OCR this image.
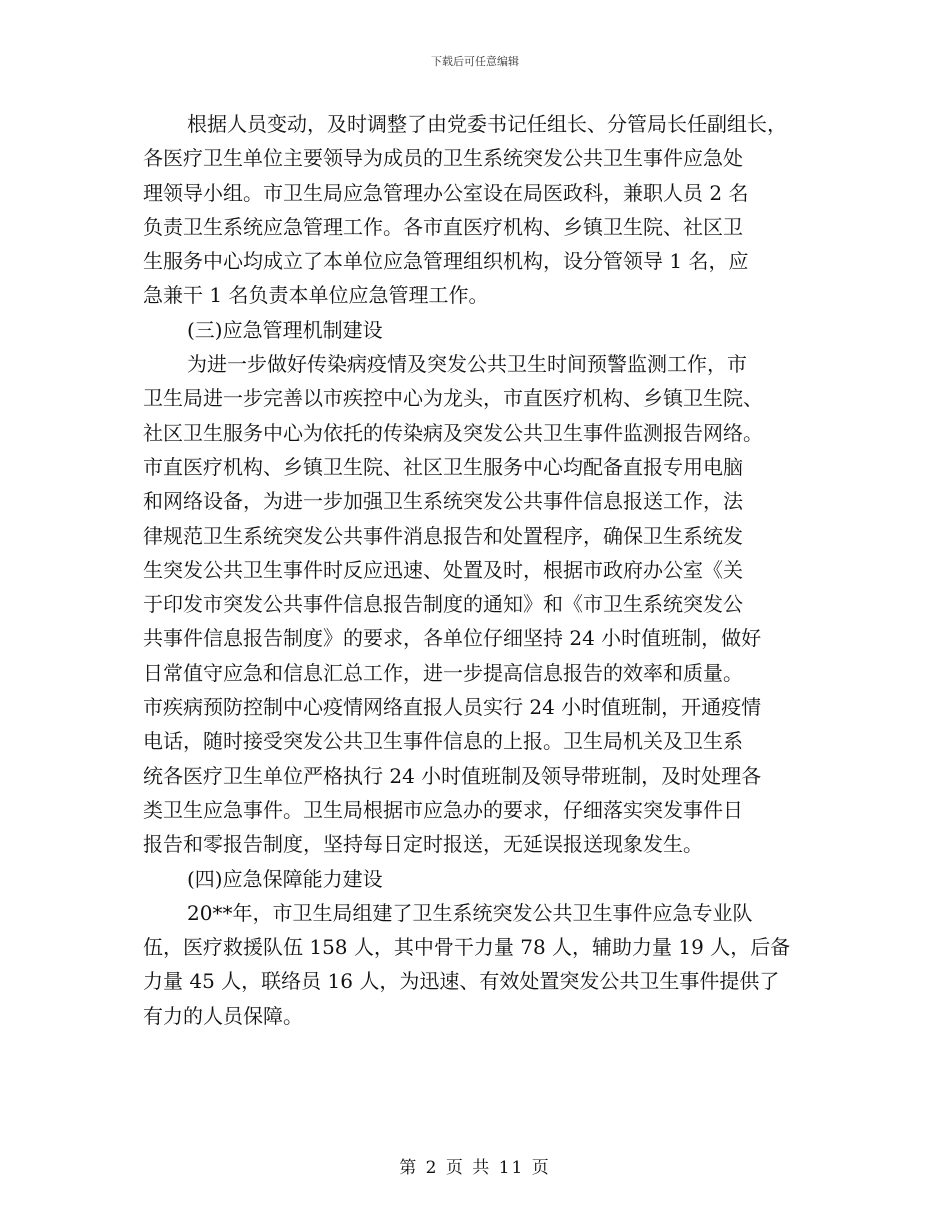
下载后可任意编辑
根据人员变动，及时调整了由党委书记任组长、分管局长任副组长，
各医疗卫生单位主要领导为成员的卫生系统突发公共卫生事件应急处
理领导小组。市卫生局应急管理办公室设在局医政科，兼职人员 2 名
负责卫生系统应急管理工作。各市直医疗机构、乡镇卫生院、社区卫
生服务中心均成立了本单位应急管理组织机构，设分管领导 1 名，应
急兼干 1 名负责本单位应急管理工作。
(三)应急管理机制建设
为进一步做好传染病疫情及突发公共卫生时间预警监测工作，市
卫生局进一步完善以市疾控中心为龙头，市直医疗机构、乡镇卫生院、
社区卫生服务中心为依托的传染病及突发公共卫生事件监测报告网络。
市直医疗机构、乡镇卫生院、社区卫生服务中心均配备直报专用电脑
和网络设备，为进一步加强卫生系统突发公共事件信息报送工作，法
律规范卫生系统突发公共事件消息报告和处置程序，确保卫生系统发
生突发公共卫生事件时反应迅速、处置及时，根据市政府办公室《关
于印发市突发公共事件信息报告制度的通知》和《市卫生系统突发公
共事件信息报告制度》的要求，各单位仔细坚持 24 小时值班制，做好
日常值守应急和信息汇总工作，进一步提高信息报告的效率和质量。
市疾病预防控制中心疫情网络直报人员实行 24 小时值班制，开通疫情
电话，随时接受突发公共卫生事件信息的上报。卫生局机关及卫生系
统各医疗卫生单位严格执行 24 小时值班制及领导带班制，及时处理各
类卫生应急事件。卫生局根据市应急办的要求，仔细落实突发事件日
报告和零报告制度，坚持每日定时报送，无延误报送现象发生。
(四)应急保障能力建设
20**年，市卫生局组建了卫生系统突发公共卫生事件应急专业队
伍，医疗救援队伍 158 人，其中骨干力量 78 人，辅助力量 19 人，后备
力量 45 人，联络员 16 人，为迅速、有效处置突发公共卫生事件提供了
有力的人员保障。
第 2 页 共 11 页
